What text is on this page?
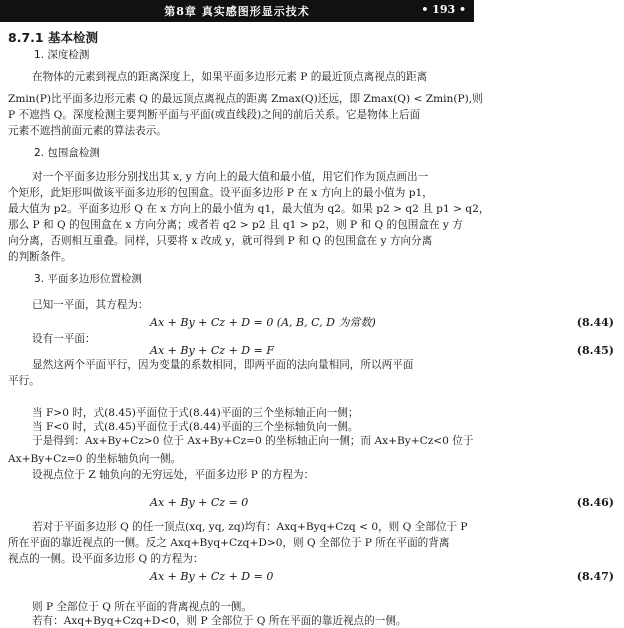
第8章 真实感图形显示技术	• 193 •
8.7.1 基本检测
1. 深度检测
在物体的元素到视点的距离深度上，如果平面多边形元素 P 的最近顶点离视点的距离
Zmin(P)比平面多边形元素 Q 的最远顶点离视点的距离 Zmax(Q)还远，即 Zmax(Q) < Zmin(P),则
P 不遮挡 Q。深度检测主要判断平面与平面(或直线段)之间的前后关系。它是物体上后面
元素不遮挡前面元素的算法表示。
2. 包围盒检测
对一个平面多边形分别找出其 x, y 方向上的最大值和最小值，用它们作为顶点画出一
个矩形，此矩形叫做该平面多边形的包围盒。设平面多边形 P 在 x 方向上的最小值为 p1，
最大值为 p2。平面多边形 Q 在 x 方向上的最小值为 q1，最大值为 q2。如果 p2 > q2 且 p1 > q2，
那么 P 和 Q 的包围盒在 x 方向分离；或者若 q2 > p2 且 q1 > p2，则 P 和 Q 的包围盒在 y 方
向分离，否则相互重叠。同样，只要将 x 改成 y，就可得到 P 和 Q 的包围盒在 y 方向分离
的判断条件。
3. 平面多边形位置检测
已知一平面，其方程为：
设有一平面：
显然这两个平面平行，因为变量的系数相同，即两平面的法向量相同，所以两平面
平行。
当 F>0 时，式(8.45)平面位于式(8.44)平面的三个坐标轴正向一侧；
当 F<0 时，式(8.45)平面位于式(8.44)平面的三个坐标轴负向一侧。
于是得到：Ax+By+Cz>0 位于 Ax+By+Cz=0 的坐标轴正向一侧；而 Ax+By+Cz<0 位于
Ax+By+Cz=0 的坐标轴负向一侧。
设视点位于 Z 轴负向的无穷远处，平面多边形 P 的方程为：
若对于平面多边形 Q 的任一顶点(xq, yq, zq)均有：Axq+Byq+Czq < 0，则 Q 全部位于 P
所在平面的靠近视点的一侧。反之 Axq+Byq+Czq+D>0，则 Q 全部位于 P 所在平面的背离
视点的一侧。设平面多边形 Q 的方程为：
则 P 全部位于 Q 所在平面的背离视点的一侧。
若有：Axq+Byq+Czq+D<0，则 P 全部位于 Q 所在平面的靠近视点的一侧。
Ax + By + Cz + D = 0 (A, B, C, D 为常数)	(8.44)
Ax + By + Cz + D = F	(8.45)
Ax + By + Cz = 0	(8.46)
Ax + By + Cz + D = 0	(8.47)
